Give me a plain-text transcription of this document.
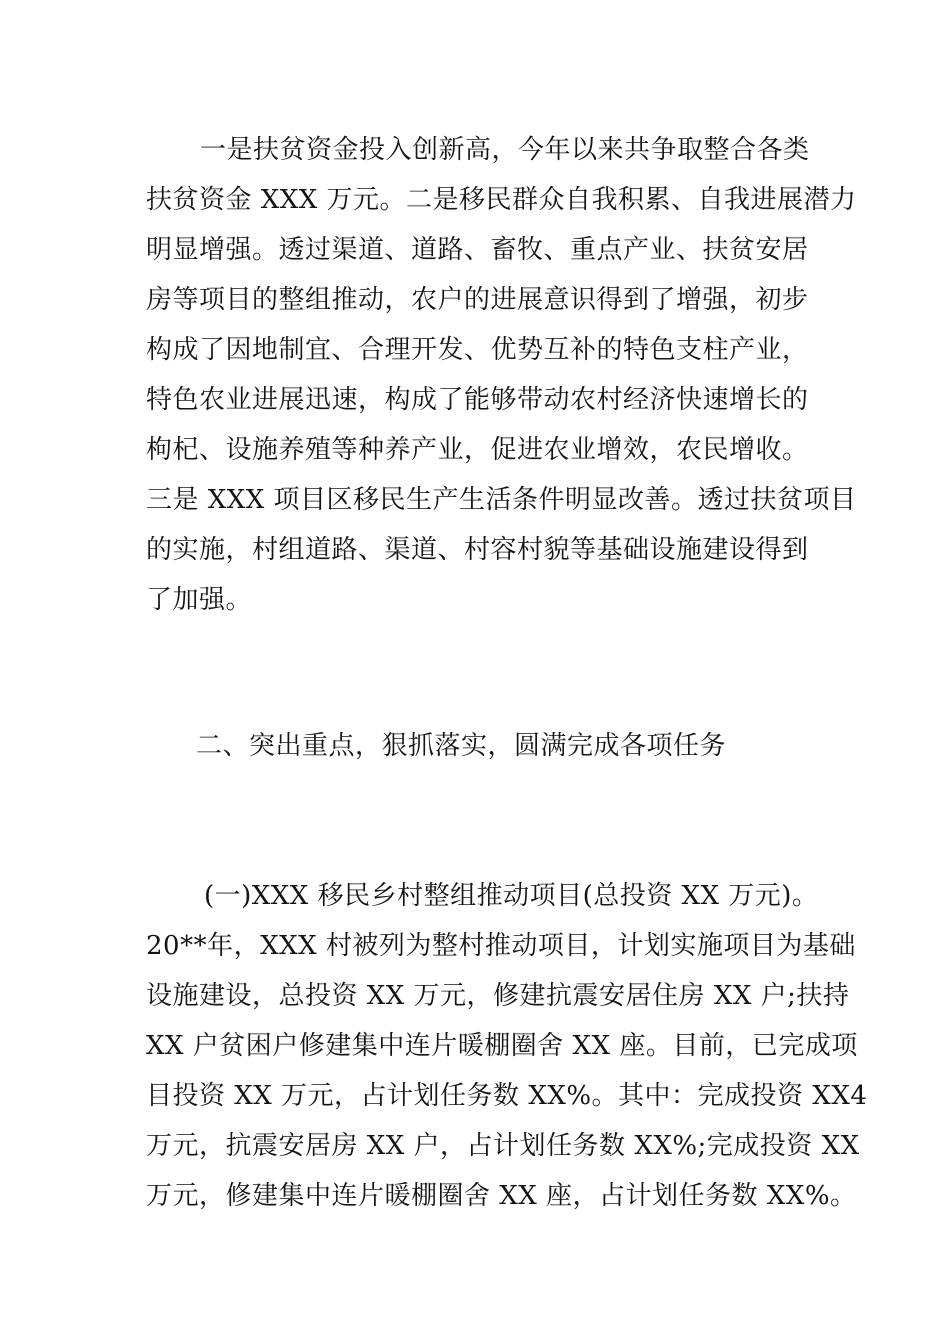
一是扶贫资金投入创新高，今年以来共争取整合各类
扶贫资金 XXX 万元。二是移民群众自我积累、自我进展潜力
明显增强。透过渠道、道路、畜牧、重点产业、扶贫安居
房等项目的整组推动，农户的进展意识得到了增强，初步
构成了因地制宜、合理开发、优势互补的特色支柱产业，
特色农业进展迅速，构成了能够带动农村经济快速增长的
枸杞、设施养殖等种养产业，促进农业增效，农民增收。
三是 XXX 项目区移民生产生活条件明显改善。透过扶贫项目
的实施，村组道路、渠道、村容村貌等基础设施建设得到
了加强。
二、突出重点，狠抓落实，圆满完成各项任务
(一)XXX 移民乡村整组推动项目(总投资 XX 万元)。
20**年，XXX 村被列为整村推动项目，计划实施项目为基础
设施建设，总投资 XX 万元，修建抗震安居住房 XX 户;扶持
XX 户贫困户修建集中连片暖棚圈舍 XX 座。目前，已完成项
目投资 XX 万元，占计划任务数 XX%。其中：完成投资 XX4
万元，抗震安居房 XX 户，占计划任务数 XX%;完成投资 XX
万元，修建集中连片暖棚圈舍 XX 座，占计划任务数 XX%。
